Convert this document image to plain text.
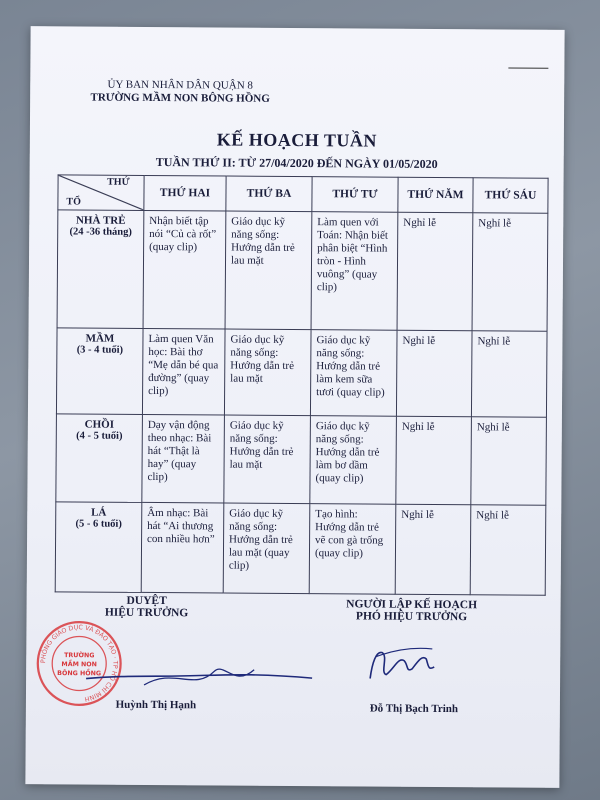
ỦY BAN NHÂN DÂN QUẬN 8
TRƯỜNG MẦM NON BÔNG HỒNG
KẾ HOẠCH TUẦN
TUẦN THỨ II: TỪ 27/04/2020 ĐẾN NGÀY 01/05/2020
THỨ
TỔ	THỨ HAI	THỨ BA	THỨ TƯ	THỨ NĂM	THỨ SÁU

NHÀ TRẺ
(24 -36 tháng)	Nhận biết tập nói “Củ cà rốt” (quay clip)	Giáo dục kỹ năng sống: Hướng dẫn trẻ lau mặt	Làm quen với Toán: Nhận biết phân biệt “Hình tròn - Hình vuông” (quay clip)	Nghỉ lễ	Nghỉ lễ

MẦM
(3 - 4 tuổi)	Làm quen Văn học: Bài thơ “Mẹ dẫn bé qua đường” (quay clip)	Giáo dục kỹ năng sống: Hướng dẫn trẻ lau mặt	Giáo dục kỹ năng sống: Hướng dẫn trẻ làm kem sữa tươi (quay clip)	Nghỉ lễ	Nghỉ lễ

CHỒI
(4 - 5 tuổi)	Dạy vận động theo nhạc: Bài hát “Thật là hay” (quay clip)	Giáo dục kỹ năng sống: Hướng dẫn trẻ lau mặt	Giáo dục kỹ năng sống: Hướng dẫn trẻ làm bơ dầm (quay clip)	Nghỉ lễ	Nghỉ lễ

LÁ
(5 - 6 tuổi)	Âm nhạc: Bài hát “Ai thương con nhiều hơn”	Giáo dục kỹ năng sống: Hướng dẫn trẻ lau mặt (quay clip)	Tạo hình: Hướng dẫn trẻ vẽ con gà trống (quay clip)	Nghỉ lễ	Nghỉ lễ
DUYỆT
HIỆU TRƯỞNG
NGƯỜI LẬP KẾ HOẠCH
PHÓ HIỆU TRƯỞNG
PHÒNG GIÁO DỤC VÀ ĐÀO TẠO · TP HỒ CHÍ MINH
TRƯỜNG
MẦM NON
BÔNG HỒNG
Huỳnh Thị Hạnh	Đỗ Thị Bạch Trinh
